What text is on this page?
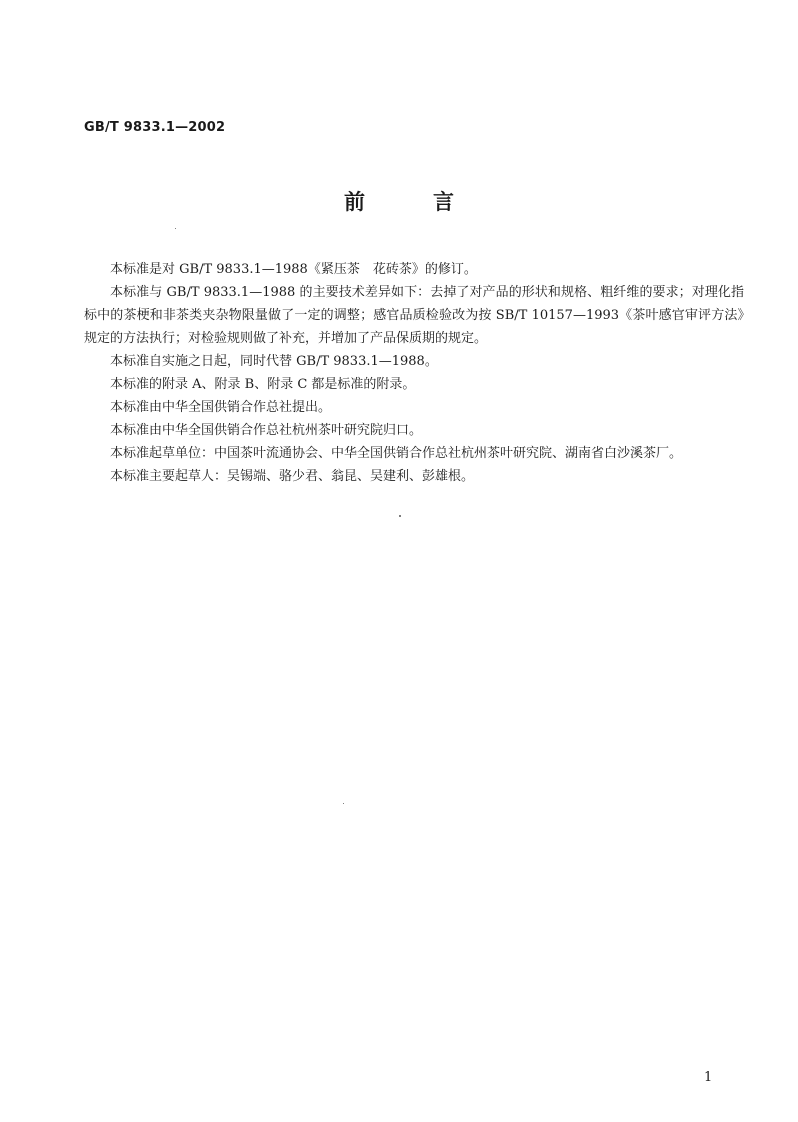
GB/T 9833.1—2002
前	言

本标准是对 GB/T 9833.1—1988《紧压茶　花砖茶》的修订。

本标准与 GB/T 9833.1—1988 的主要技术差异如下：去掉了对产品的形状和规格、粗纤维的要求；对理化指标中的茶梗和非茶类夹杂物限量做了一定的调整；感官品质检验改为按 SB/T 10157—1993《茶叶感官审评方法》规定的方法执行；对检验规则做了补充，并增加了产品保质期的规定。

本标准自实施之日起，同时代替 GB/T 9833.1—1988。

本标准的附录 A、附录 B、附录 C 都是标准的附录。

本标准由中华全国供销合作总社提出。

本标准由中华全国供销合作总社杭州茶叶研究院归口。

本标准起草单位：中国茶叶流通协会、中华全国供销合作总社杭州茶叶研究院、湖南省白沙溪茶厂。

本标准主要起草人：吴锡端、骆少君、翁昆、吴建利、彭雄根。

1
